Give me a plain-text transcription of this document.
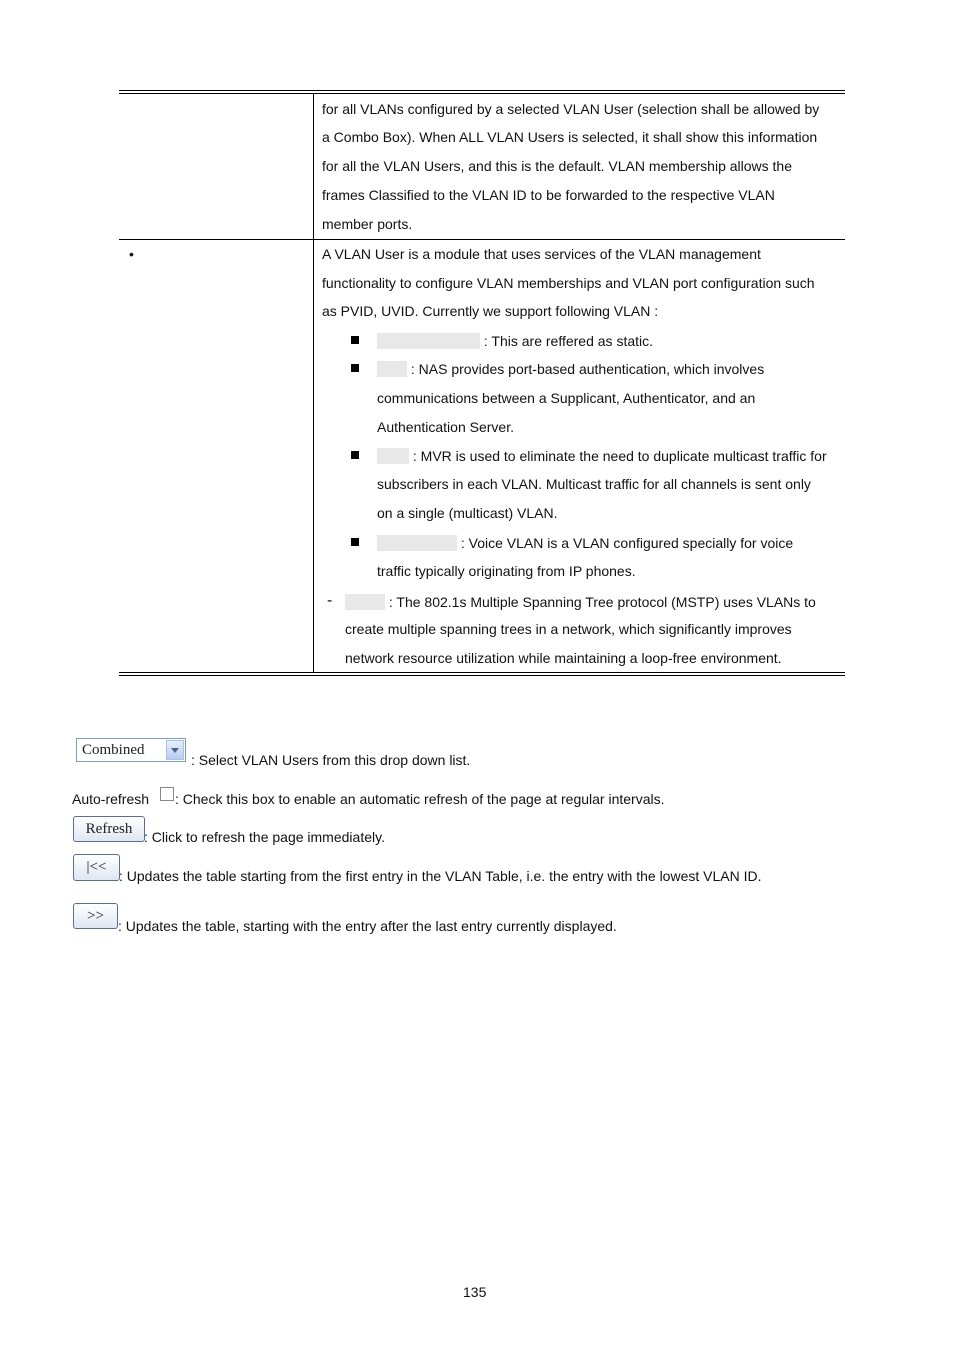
for all VLANs configured by a selected VLAN User (selection shall be allowed by
a Combo Box). When ALL VLAN Users is selected, it shall show this information
for all the VLAN Users, and this is the default. VLAN membership allows the
frames Classified to the VLAN ID to be forwarded to the respective VLAN
member ports.
•	A VLAN User is a module that uses services of the VLAN management
functionality to configure VLAN memberships and VLAN port configuration such
as PVID, UVID. Currently we support following VLAN :
: This are reffered as static.
: NAS provides port-based authentication, which involves
communications between a Supplicant, Authenticator, and an
Authentication Server.
: MVR is used to eliminate the need to duplicate multicast traffic for
subscribers in each VLAN. Multicast traffic for all channels is sent only
on a single (multicast) VLAN.
: Voice VLAN is a VLAN configured specially for voice
traffic typically originating from IP phones.
-	: The 802.1s Multiple Spanning Tree protocol (MSTP) uses VLANs to
create multiple spanning trees in a network, which significantly improves
network resource utilization while maintaining a loop-free environment.
Combined
: Select VLAN Users from this drop down list.
Auto-refresh : Check this box to enable an automatic refresh of the page at regular intervals.
Refresh : Click to refresh the page immediately.
|<<
: Updates the table starting from the first entry in the VLAN Table, i.e. the entry with the lowest VLAN ID.
>>
: Updates the table, starting with the entry after the last entry currently displayed.
135
